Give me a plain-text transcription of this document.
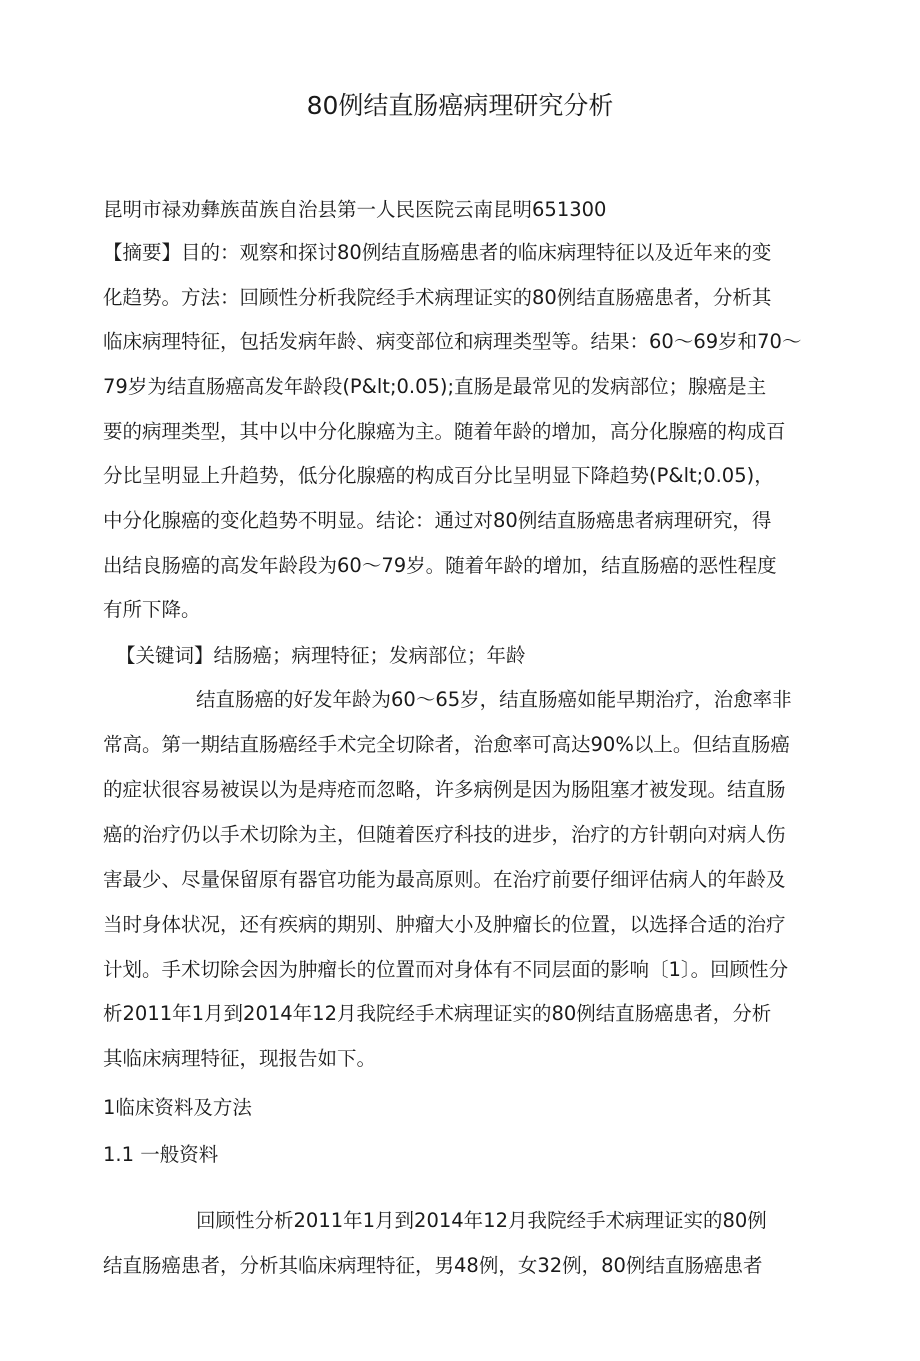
80例结直肠癌病理研究分析
昆明市禄劝彝族苗族自治县第一人民医院云南昆明651300
【摘要】目的：观察和探讨80例结直肠癌患者的临床病理特征以及近年来的变
化趋势。方法：回顾性分析我院经手术病理证实的80例结直肠癌患者，分析其
临床病理特征，包括发病年龄、病变部位和病理类型等。结果：60～69岁和70～
79岁为结直肠癌高发年龄段(P&lt;0.05);直肠是最常见的发病部位；腺癌是主
要的病理类型，其中以中分化腺癌为主。随着年龄的增加，高分化腺癌的构成百
分比呈明显上升趋势，低分化腺癌的构成百分比呈明显下降趋势(P&lt;0.05)，
中分化腺癌的变化趋势不明显。结论：通过对80例结直肠癌患者病理研究，得
出结良肠癌的高发年龄段为60～79岁。随着年龄的增加，结直肠癌的恶性程度
有所下降。
【关键词】结肠癌；病理特征；发病部位；年龄
结直肠癌的好发年龄为60～65岁，结直肠癌如能早期治疗，治愈率非
常高。第一期结直肠癌经手术完全切除者，治愈率可高达90%以上。但结直肠癌
的症状很容易被误以为是痔疮而忽略，许多病例是因为肠阻塞才被发现。结直肠
癌的治疗仍以手术切除为主，但随着医疗科技的进步，治疗的方针朝向对病人伤
害最少、尽量保留原有器官功能为最高原则。在治疗前要仔细评估病人的年龄及
当时身体状况，还有疾病的期别、肿瘤大小及肿瘤长的位置，以选择合适的治疗
计划。手术切除会因为肿瘤长的位置而对身体有不同层面的影响〔1〕。回顾性分
析2011年1月到2014年12月我院经手术病理证实的80例结直肠癌患者，分析
其临床病理特征，现报告如下。
1临床资料及方法
1.1 一般资料
回顾性分析2011年1月到2014年12月我院经手术病理证实的80例
结直肠癌患者，分析其临床病理特征，男48例，女32例，80例结直肠癌患者
